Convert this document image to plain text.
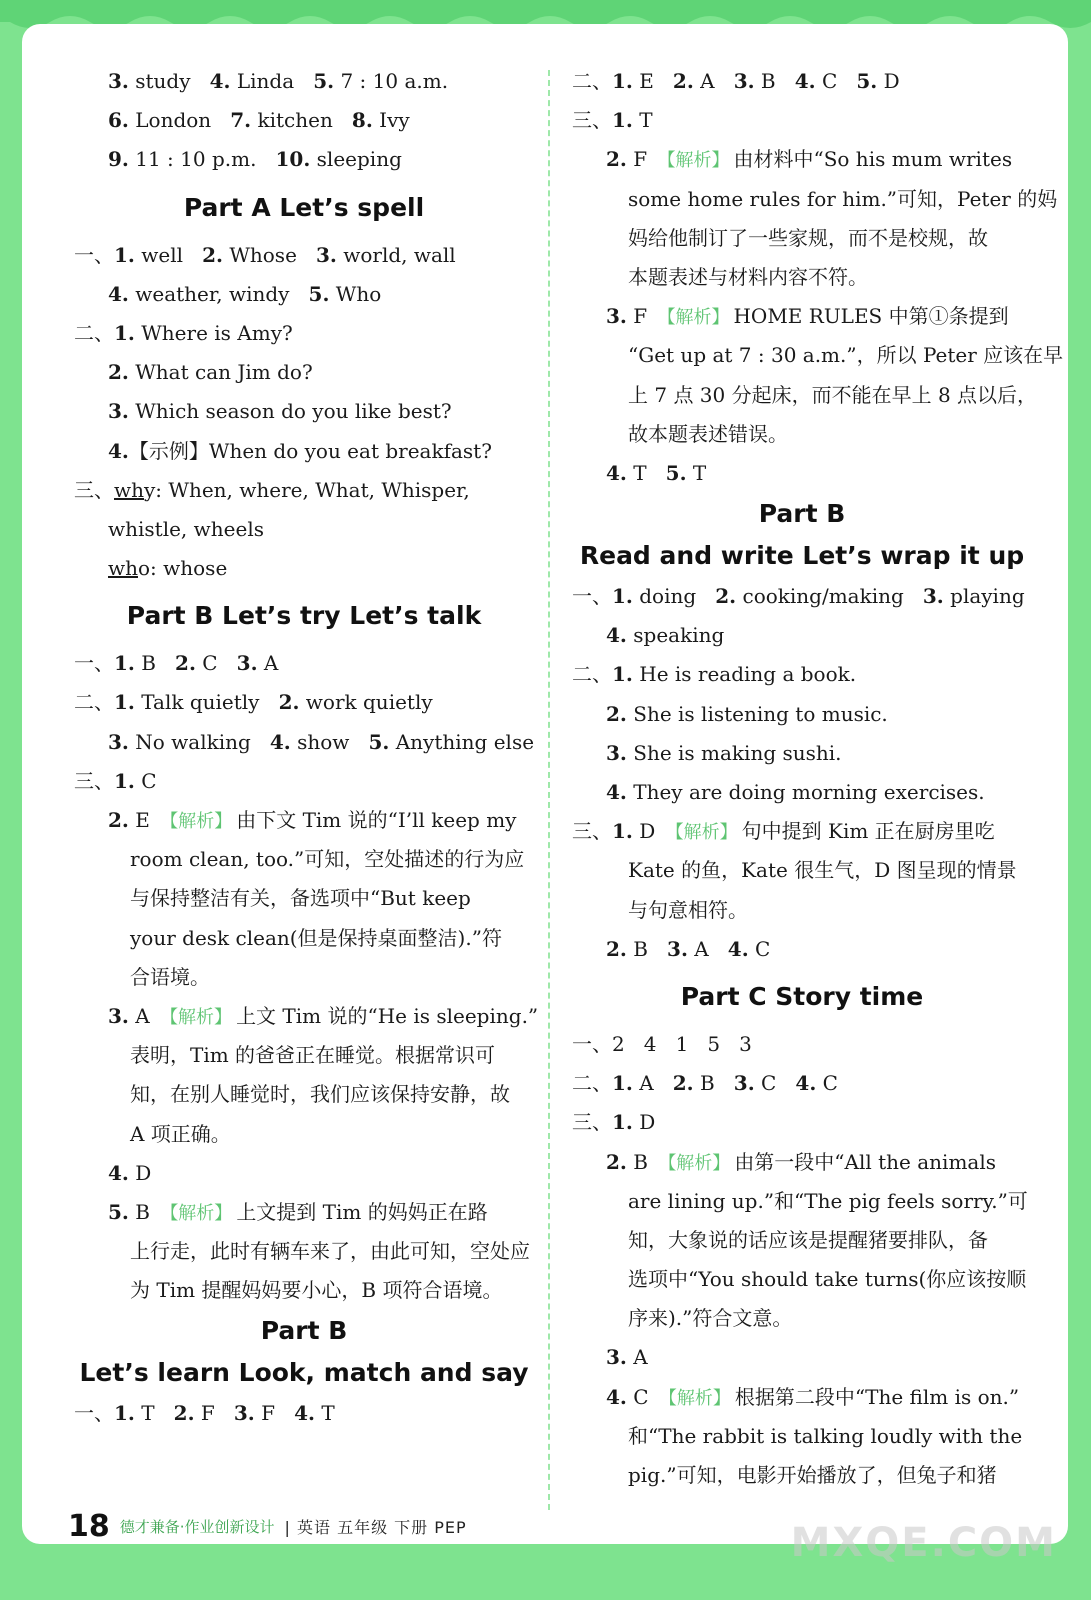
3. study   4. Linda   5. 7 : 10 a.m.
6. London   7. kitchen   8. Ivy
9. 11 : 10 p.m.   10. sleeping
Part A Let’s spell
一、1. well   2. Whose   3. world, wall
4. weather, windy   5. Who
二、1. Where is Amy?
2. What can Jim do?
3. Which season do you like best?
4.【示例】When do you eat breakfast?
三、why: When, where, What, Whisper,
whistle, wheels
who: whose
Part B Let’s try Let’s talk
一、1. B   2. C   3. A
二、1. Talk quietly   2. work quietly
3. No walking   4. show   5. Anything else
三、1. C
2. E 【解析】 由下文 Tim 说的“I’ll keep my
room clean, too.”可知，空处描述的行为应
与保持整洁有关，备选项中“But keep
your desk clean(但是保持桌面整洁).”符
合语境。
3. A 【解析】 上文 Tim 说的“He is sleeping.”
表明，Tim 的爸爸正在睡觉。根据常识可
知，在别人睡觉时，我们应该保持安静，故
A 项正确。
4. D
5. B 【解析】 上文提到 Tim 的妈妈正在路
上行走，此时有辆车来了，由此可知，空处应
为 Tim 提醒妈妈要小心，B 项符合语境。
Part B
Let’s learn Look, match and say
一、1. T   2. F   3. F   4. T
二、1. E   2. A   3. B   4. C   5. D
三、1. T
2. F 【解析】 由材料中“So his mum writes
some home rules for him.”可知，Peter 的妈
妈给他制订了一些家规，而不是校规，故
本题表述与材料内容不符。
3. F 【解析】 HOME RULES 中第①条提到
“Get up at 7 : 30 a.m.”，所以 Peter 应该在早
上 7 点 30 分起床，而不能在早上 8 点以后，
故本题表述错误。
4. T   5. T
Part B
Read and write Let’s wrap it up
一、1. doing   2. cooking/making   3. playing
4. speaking
二、1. He is reading a book.
2. She is listening to music.
3. She is making sushi.
4. They are doing morning exercises.
三、1. D 【解析】 句中提到 Kim 正在厨房里吃
Kate 的鱼，Kate 很生气，D 图呈现的情景
与句意相符。
2. B   3. A   4. C
Part C Story time
一、2   4   1   5   3
二、1. A   2. B   3. C   4. C
三、1. D
2. B 【解析】 由第一段中“All the animals
are lining up.”和“The pig feels sorry.”可
知，大象说的话应该是提醒猪要排队，备
选项中“You should take turns(你应该按顺
序来).”符合文意。
3. A
4. C 【解析】 根据第二段中“The film is on.”
和“The rabbit is talking loudly with the
pig.”可知，电影开始播放了，但兔子和猪
18 德才兼备·作业创新设计 | 英语 五年级 下册 PEP	MXQE.COM
